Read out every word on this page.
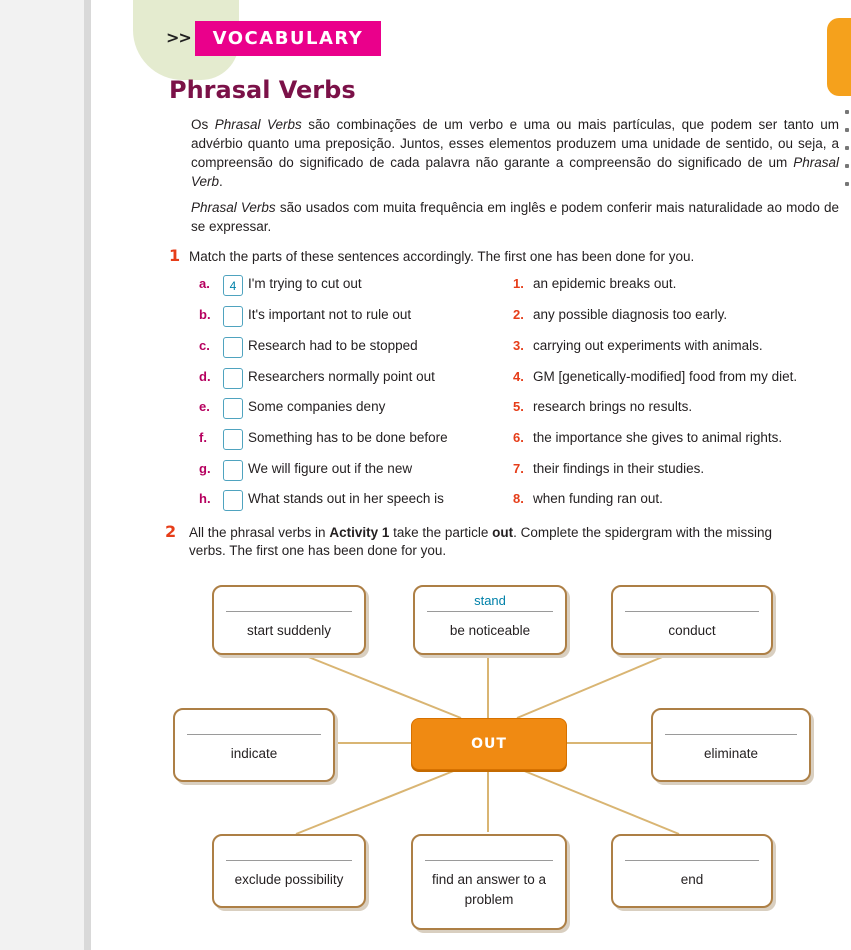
>>	VOCABULARY
Phrasal Verbs

Os Phrasal Verbs são combinações de um verbo e uma ou mais partículas, que podem ser tanto um advérbio quanto uma preposição. Juntos, esses elementos produzem uma unidade de sentido, ou seja, a compreensão do significado de cada palavra não garante a compreensão do significado de um Phrasal Verb.

Phrasal Verbs são usados com muita frequência em inglês e podem conferir mais naturalidade ao modo de se expressar.

1 Match the parts of these sentences accordingly. The first one has been done for you.
a.	4 I'm trying to cut out	1. an epidemic breaks out.
b.	It's important not to rule out	2. any possible diagnosis too early.
c.	Research had to be stopped	3. carrying out experiments with animals.
d.	Researchers normally point out	4. GM [genetically-modified] food from my diet.
e.	Some companies deny	5. research brings no results.
f.	Something has to be done before	6. the importance she gives to animal rights.
g.	We will figure out if the new	7. their findings in their studies.
h.	What stands out in her speech is	8. when funding ran out.
2 All the phrasal verbs in Activity 1 take the particle out. Complete the spidergram with the missing verbs. The first one has been done for you.
start suddenly
stand
be noticeable	conduct
indicate	eliminate
exclude possibility	find an answer to a problem
end
OUT
